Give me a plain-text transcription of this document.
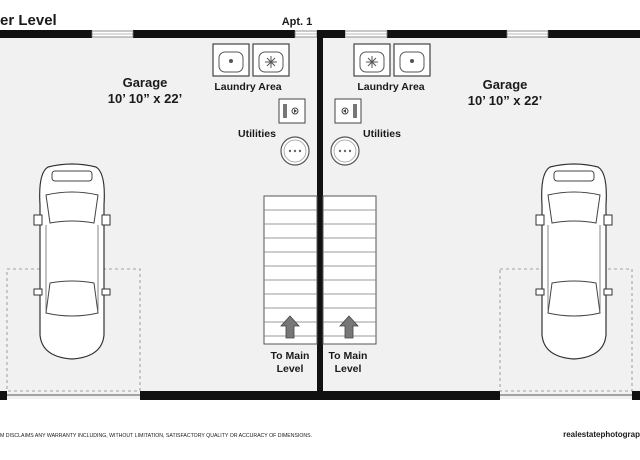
er Level	Apt. 1
Garage
10’ 10” x 22’
Garage
10’ 10” x 22’
Laundry Area	Laundry Area
Utilities	Utilities
To Main
Level
To Main
Level
M DISCLAIMS ANY WARRANTY INCLUDING, WITHOUT LIMITATION, SATISFACTORY QUALITY OR ACCURACY OF DIMENSIONS.	realestatephotograp
